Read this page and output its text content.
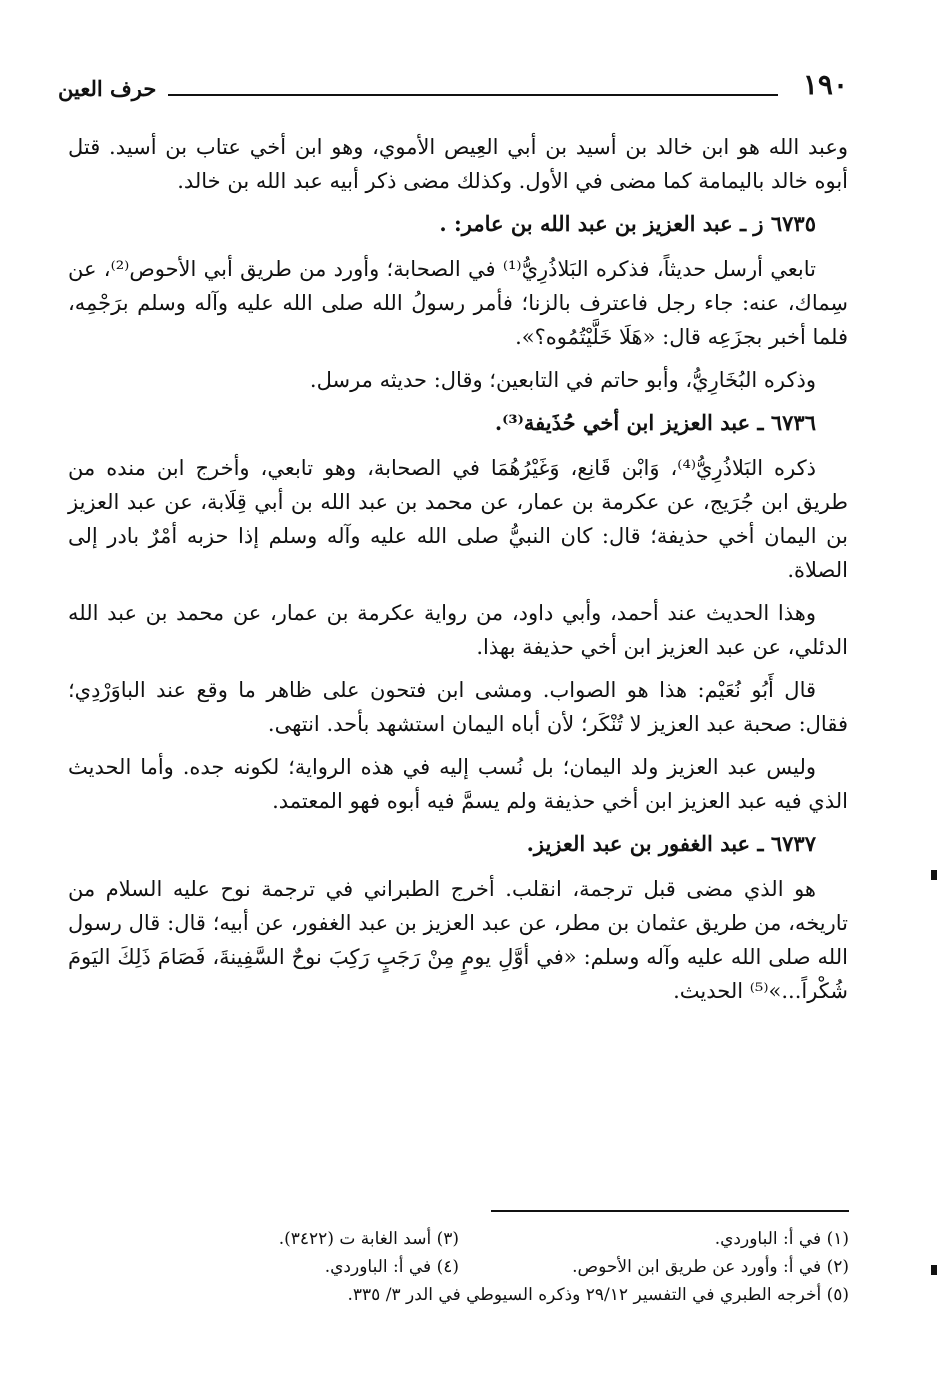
١٩٠
حرف العين

وعبد الله هو ابن خالد بن أسيد بن أبي العِيص الأموي، وهو ابن أخي عتاب بن أسيد. قتل أبوه خالد باليمامة كما مضى في الأول. وكذلك مضى ذكر أبيه عبد الله بن خالد.

٦٧٣٥ ز ـ عبد العزيز بن عبد الله بن عامر: .

تابعي أرسل حديثاً، فذكره البَلاذُرِيُّ⁽¹⁾ في الصحابة؛ وأورد من طريق أبي الأحوص⁽²⁾، عن سِماك، عنه: جاء رجل فاعترف بالزنا؛ فأمر رسولُ الله صلى الله عليه وآله وسلم برَجْمِه، فلما أخبر بجزَعِه قال: «هَلَا خَلَّيْتُمُوه؟».

وذكره البُخَارِيُّ، وأبو حاتم في التابعين؛ وقال: حديثه مرسل.

٦٧٣٦ ـ عبد العزيز ابن أخي حُذَيفة⁽³⁾.

ذكره البَلاذُرِيُّ⁽⁴⁾، وَابْن قَانِع، وَغَيْرُهُمَا في الصحابة، وهو تابعي، وأخرج ابن منده من طريق ابن جُرَيج، عن عكرمة بن عمار، عن محمد بن عبد الله بن أبي قِلَابة، عن عبد العزيز بن اليمان أخي حذيفة؛ قال: كان النبيُّ صلى الله عليه وآله وسلم إذا حزبه أمْرٌ بادر إلى الصلاة.

وهذا الحديث عند أحمد، وأبي داود، من رواية عكرمة بن عمار، عن محمد بن عبد الله الدئلي، عن عبد العزيز ابن أخي حذيفة بهذا.

قال أَبُو نُعَيْم: هذا هو الصواب. ومشى ابن فتحون على ظاهر ما وقع عند الباوَرْدِي؛ فقال: صحبة عبد العزيز لا تُنْكَر؛ لأن أباه اليمان استشهد بأحد. انتهى.

وليس عبد العزيز ولد اليمان؛ بل نُسب إليه في هذه الرواية؛ لكونه جده. وأما الحديث الذي فيه عبد العزيز ابن أخي حذيفة ولم يسمَّ فيه أبوه فهو المعتمد.

٦٧٣٧ ـ عبد الغفور بن عبد العزيز.

هو الذي مضى قبل ترجمة، انقلب. أخرج الطبراني في ترجمة نوح عليه السلام من تاريخه، من طريق عثمان بن مطر، عن عبد العزيز بن عبد الغفور، عن أبيه؛ قال: قال رسول الله صلى الله عليه وآله وسلم: «في أوَّلِ يومٍ مِنْ رَجَبٍ رَكِبَ نوحٌ السَّفِينةَ، فَصَامَ ذَلِكَ اليَومَ شُكْراً...»⁽⁵⁾ الحديث.

(١) في أ: الباوردي.
(٣) أسد الغابة ت (٣٤٢٢).
(٢) في أ: وأورد عن طريق ابن الأحوص.
(٤) في أ: الباوردي.
(٥) أخرجه الطبري في التفسير ٢٩/١٢ وذكره السيوطي في الدر ٣/ ٣٣٥.
